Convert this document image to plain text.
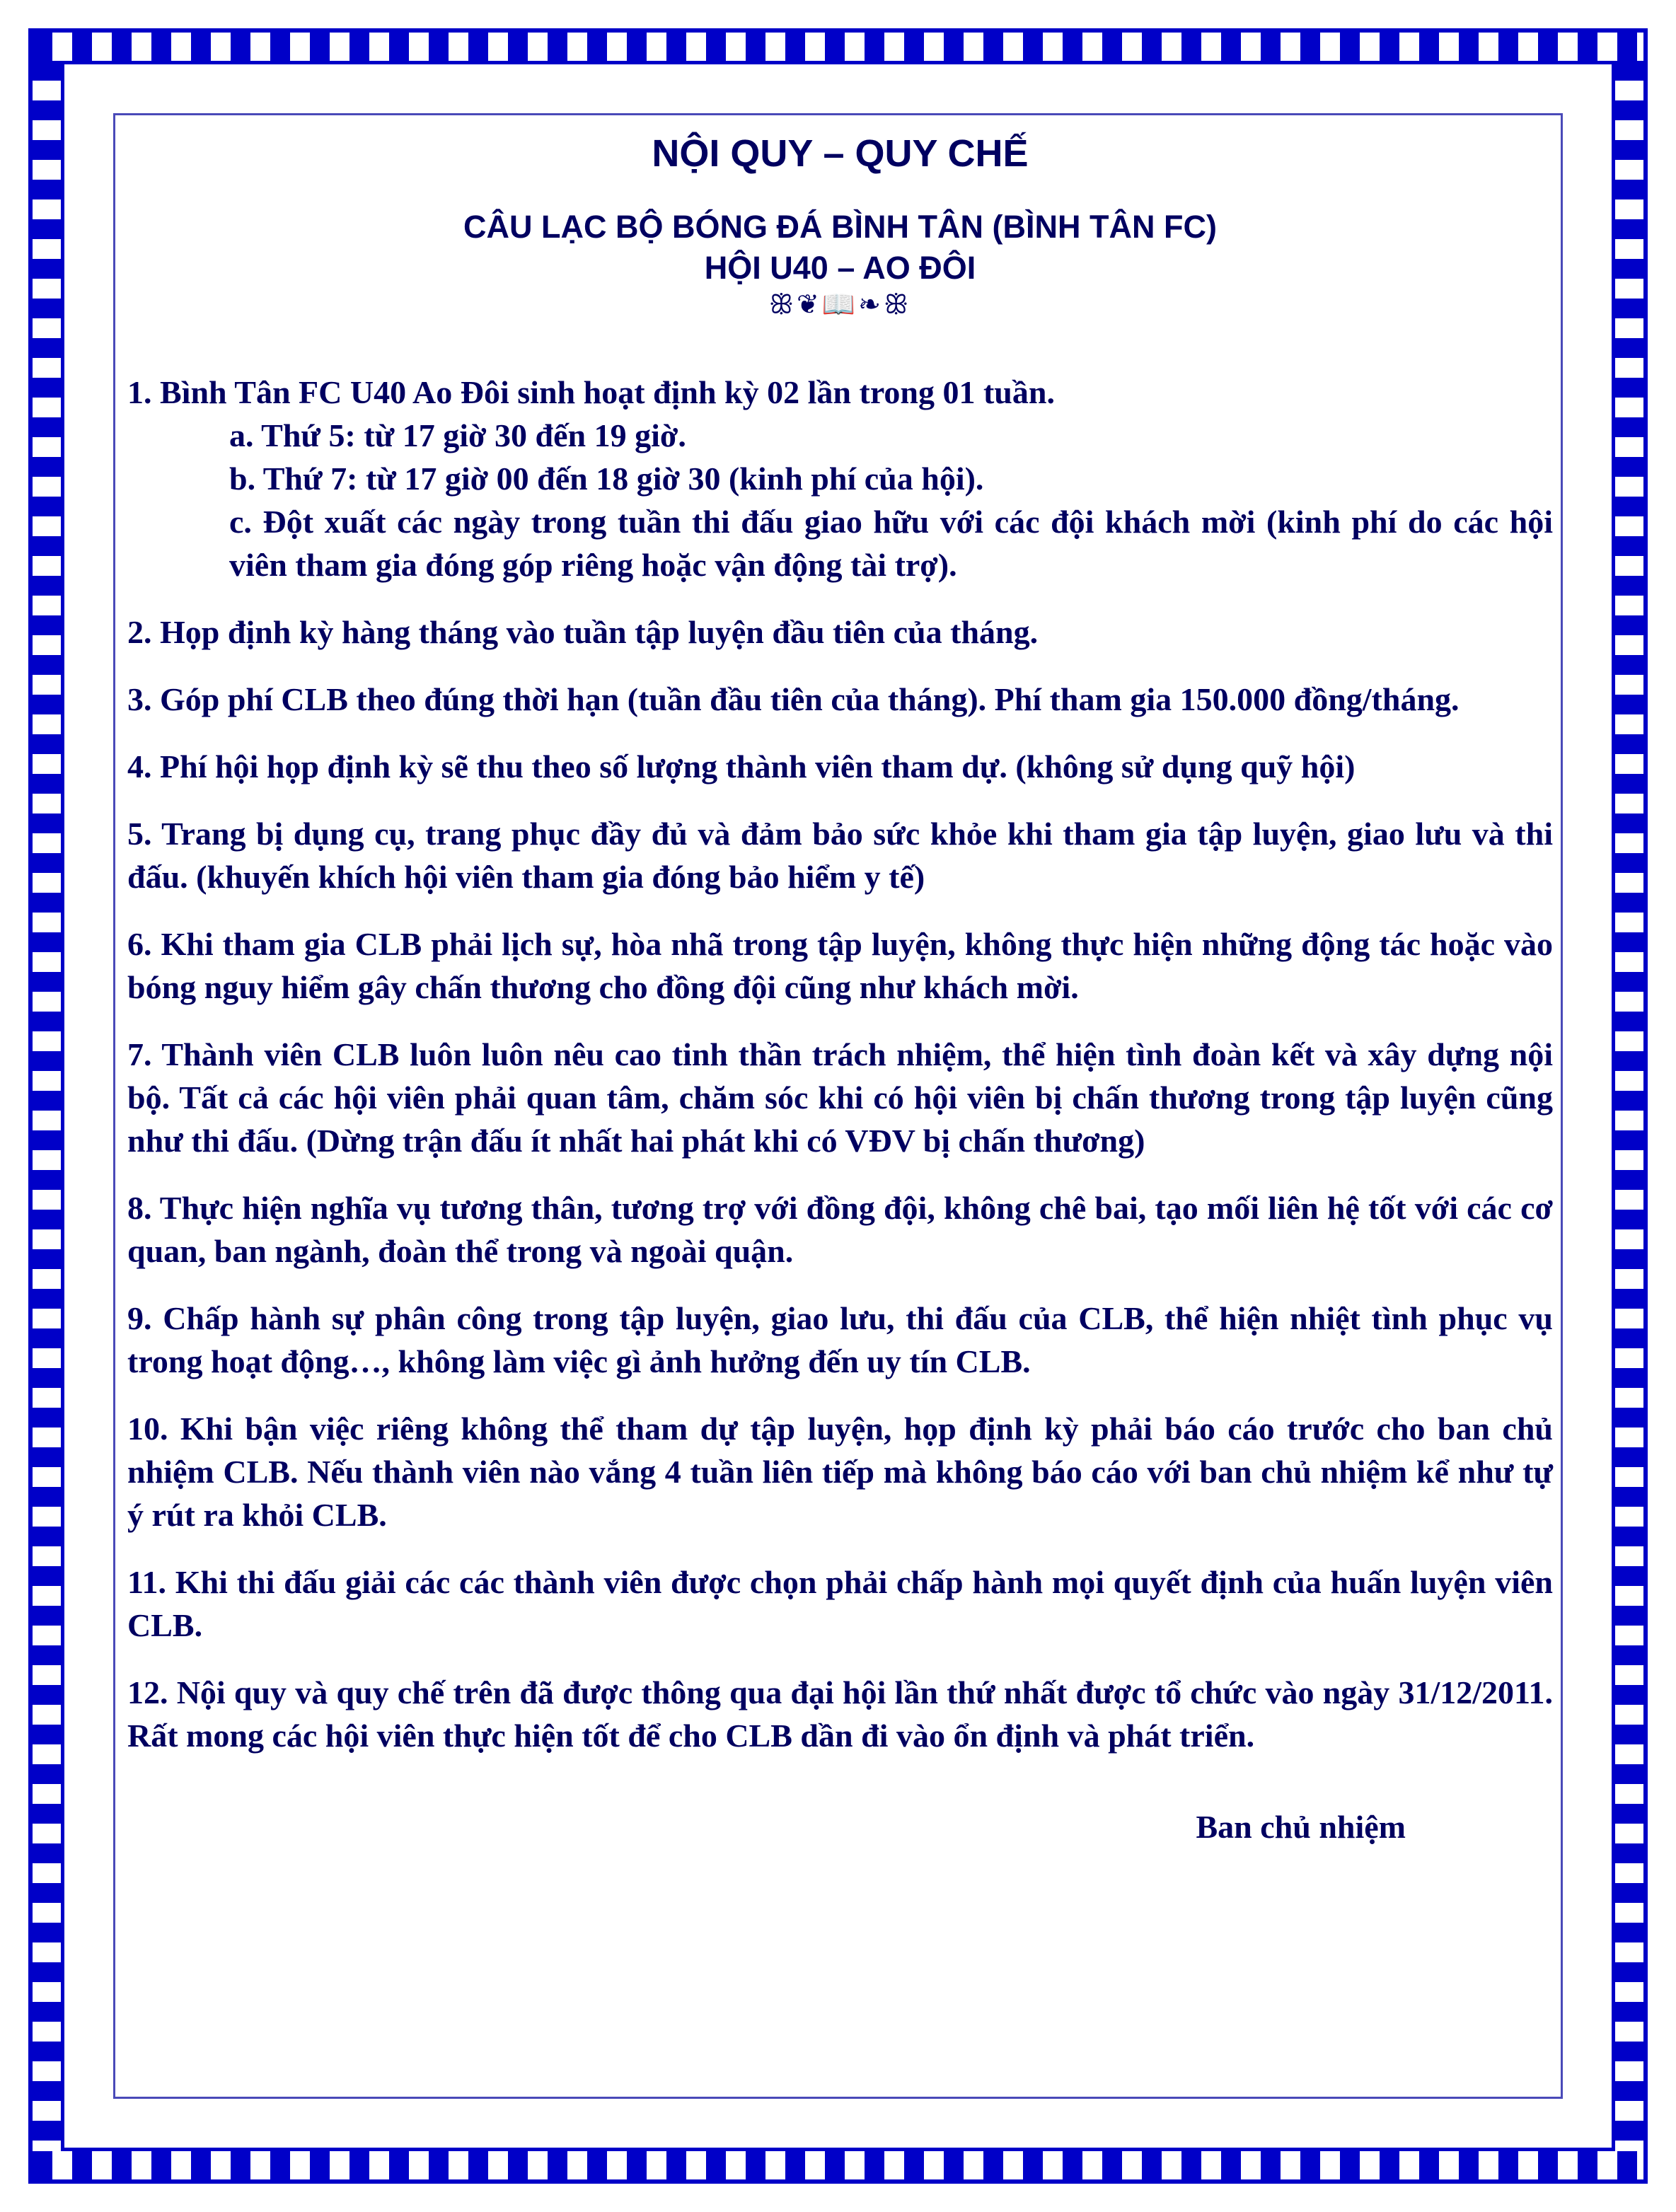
NỘI QUY – QUY CHẾ
CÂU LẠC BỘ BÓNG ĐÁ BÌNH TÂN (BÌNH TÂN FC)
HỘI U40 – AO ĐÔI
ꕥ❦📖❧ꕥ
1. Bình Tân FC U40 Ao Đôi sinh hoạt định kỳ 02 lần trong 01 tuần.
a. Thứ 5: từ 17 giờ 30 đến 19 giờ.
b. Thứ 7: từ 17 giờ 00 đến 18 giờ 30 (kinh phí của hội).
c. Đột xuất các ngày trong tuần thi đấu giao hữu với các đội khách mời (kinh phí do các hội viên tham gia đóng góp riêng hoặc vận động tài trợ).
2. Họp định kỳ hàng tháng vào tuần tập luyện đầu tiên của tháng.
3. Góp phí CLB theo đúng thời hạn (tuần đầu tiên của tháng). Phí tham gia 150.000 đồng/tháng.
4. Phí hội họp định kỳ sẽ thu theo số lượng thành viên tham dự. (không sử dụng quỹ hội)
5. Trang bị dụng cụ, trang phục đầy đủ và đảm bảo sức khỏe khi tham gia tập luyện, giao lưu và thi đấu. (khuyến khích hội viên tham gia đóng bảo hiểm y tế)
6. Khi tham gia CLB phải lịch sự, hòa nhã trong tập luyện, không thực hiện những động tác hoặc vào bóng nguy hiểm gây chấn thương cho đồng đội cũng như khách mời.
7. Thành viên CLB luôn luôn nêu cao tinh thần trách nhiệm, thể hiện tình đoàn kết và xây dựng nội bộ. Tất cả các hội viên phải quan tâm, chăm sóc khi có hội viên bị chấn thương trong tập luyện cũng như thi đấu. (Dừng trận đấu ít nhất hai phát khi có VĐV bị chấn thương)
8. Thực hiện nghĩa vụ tương thân, tương trợ với đồng đội, không chê bai, tạo mối liên hệ tốt với các cơ quan, ban ngành, đoàn thể trong và ngoài quận.
9. Chấp hành sự phân công trong tập luyện, giao lưu, thi đấu của CLB, thể hiện nhiệt tình phục vụ trong hoạt động…, không làm việc gì ảnh hưởng đến uy tín CLB.
10. Khi bận việc riêng không thể tham dự tập luyện, họp định kỳ phải báo cáo trước cho ban chủ nhiệm CLB. Nếu thành viên nào vắng 4 tuần liên tiếp mà không báo cáo với ban chủ nhiệm kể như tự ý rút ra khỏi CLB.
11. Khi thi đấu giải các các thành viên được chọn phải chấp hành mọi quyết định của huấn luyện viên CLB.
12. Nội quy và quy chế trên đã được thông qua đại hội lần thứ nhất được tổ chức vào ngày 31/12/2011. Rất mong các hội viên thực hiện tốt để cho CLB dần đi vào ổn định và phát triển.
Ban chủ nhiệm
